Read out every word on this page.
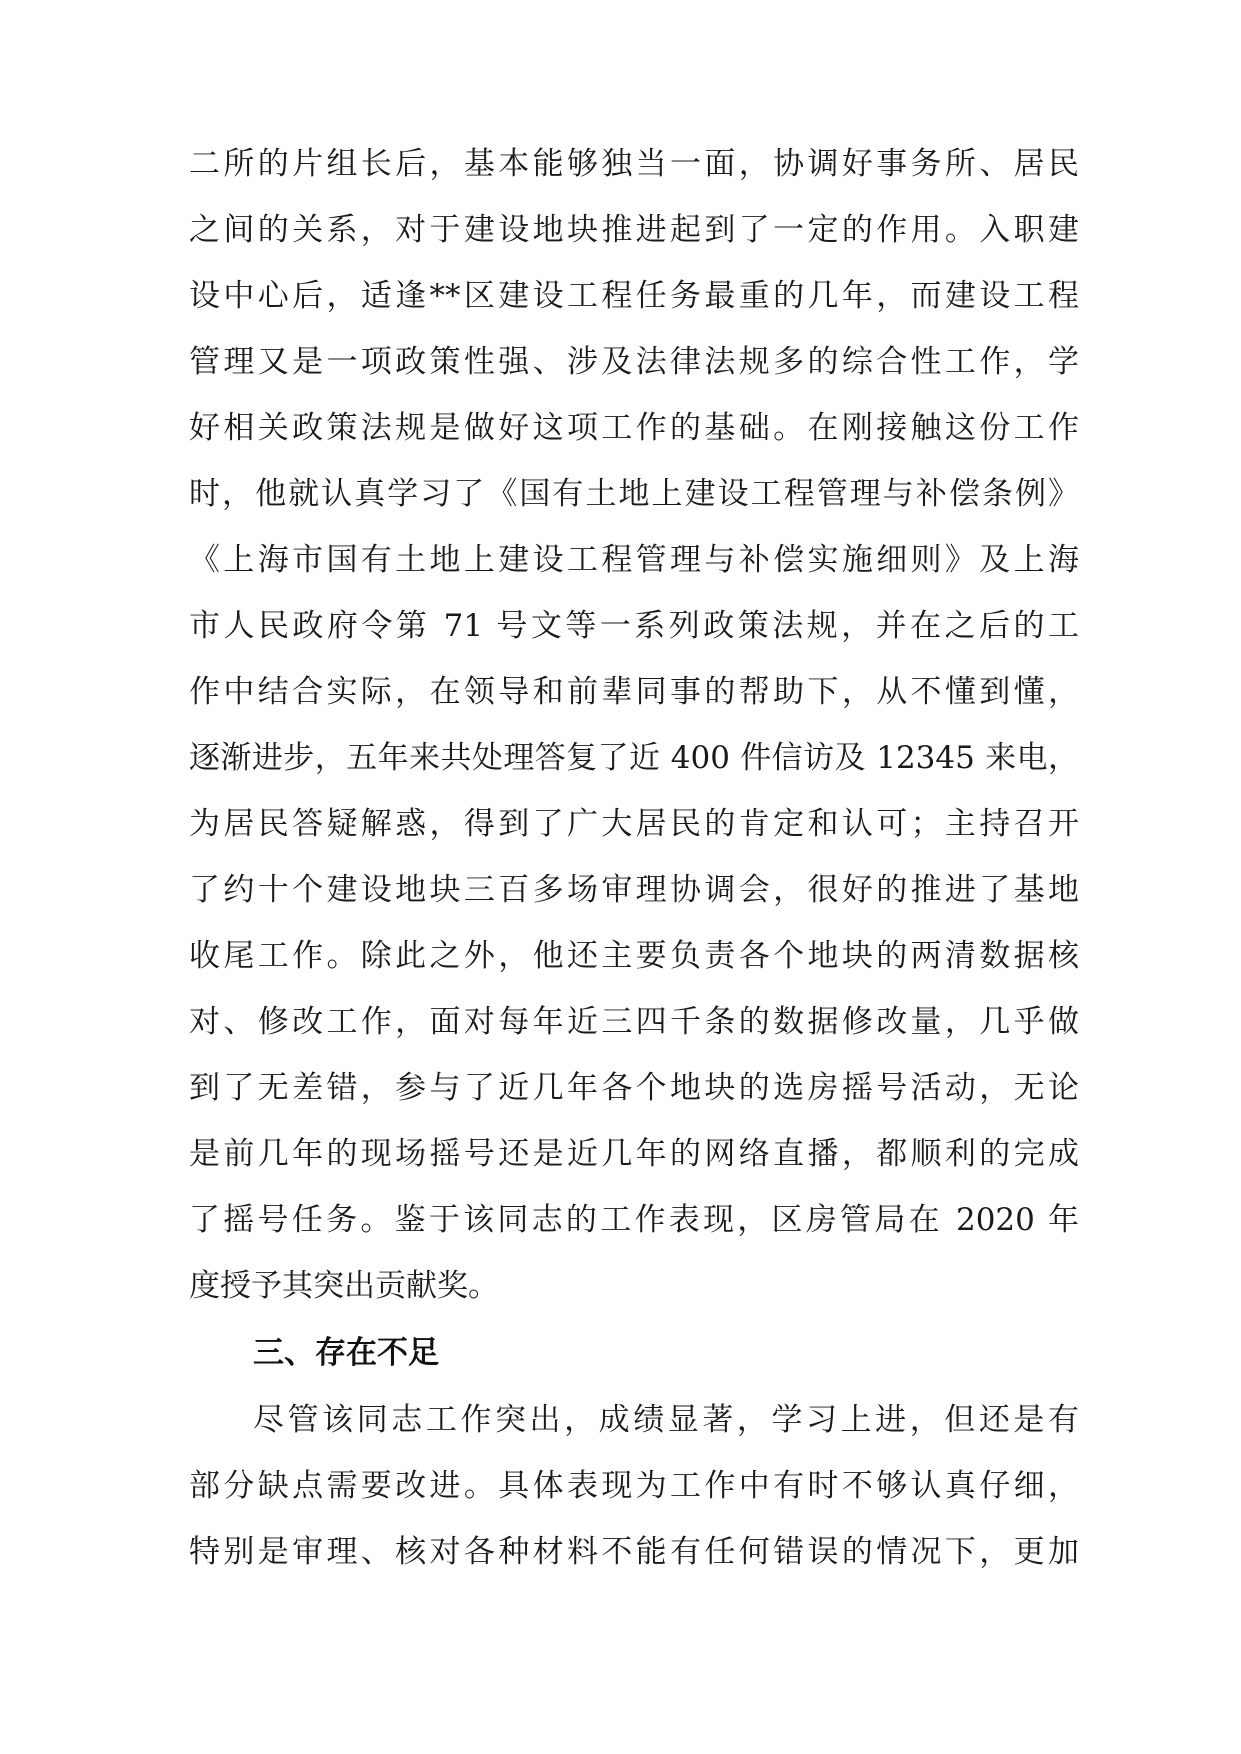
二所的片组长后，基本能够独当一面，协调好事务所、居民
之间的关系，对于建设地块推进起到了一定的作用。入职建
设中心后，适逢**区建设工程任务最重的几年，而建设工程
管理又是一项政策性强、涉及法律法规多的综合性工作，学
好相关政策法规是做好这项工作的基础。在刚接触这份工作
时，他就认真学习了《国有土地上建设工程管理与补偿条例》
《上海市国有土地上建设工程管理与补偿实施细则》及上海
市人民政府令第 71 号文等一系列政策法规，并在之后的工
作中结合实际，在领导和前辈同事的帮助下，从不懂到懂，
逐渐进步，五年来共处理答复了近 400 件信访及 12345 来电，
为居民答疑解惑，得到了广大居民的肯定和认可；主持召开
了约十个建设地块三百多场审理协调会，很好的推进了基地
收尾工作。除此之外，他还主要负责各个地块的两清数据核
对、修改工作，面对每年近三四千条的数据修改量，几乎做
到了无差错，参与了近几年各个地块的选房摇号活动，无论
是前几年的现场摇号还是近几年的网络直播，都顺利的完成
了摇号任务。鉴于该同志的工作表现，区房管局在 2020 年
度授予其突出贡献奖。
三、存在不足
尽管该同志工作突出，成绩显著，学习上进，但还是有
部分缺点需要改进。具体表现为工作中有时不够认真仔细，
特别是审理、核对各种材料不能有任何错误的情况下，更加
